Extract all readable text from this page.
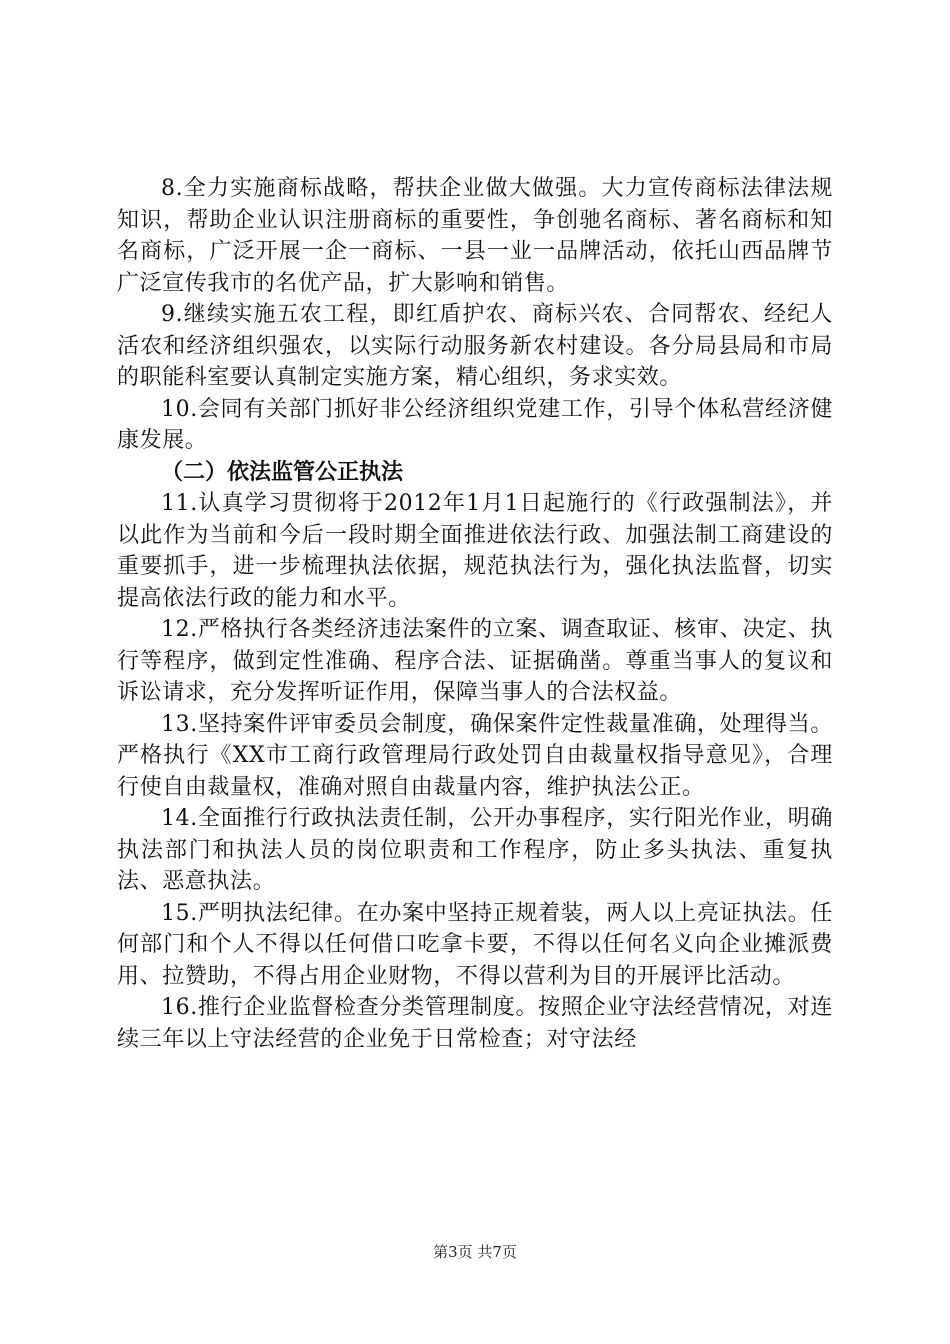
8.全力实施商标战略，帮扶企业做大做强。大力宣传商标法律法规知识，帮助企业认识注册商标的重要性，争创驰名商标、著名商标和知名商标，广泛开展一企一商标、一县一业一品牌活动，依托山西品牌节广泛宣传我市的名优产品，扩大影响和销售。

9.继续实施五农工程，即红盾护农、商标兴农、合同帮农、经纪人活农和经济组织强农，以实际行动服务新农村建设。各分局县局和市局的职能科室要认真制定实施方案，精心组织，务求实效。

10.会同有关部门抓好非公经济组织党建工作，引导个体私营经济健康发展。

（二）依法监管公正执法

11.认真学习贯彻将于2012年1月1日起施行的《行政强制法》，并以此作为当前和今后一段时期全面推进依法行政、加强法制工商建设的重要抓手，进一步梳理执法依据，规范执法行为，强化执法监督，切实提高依法行政的能力和水平。

12.严格执行各类经济违法案件的立案、调查取证、核审、决定、执行等程序，做到定性准确、程序合法、证据确凿。尊重当事人的复议和诉讼请求，充分发挥听证作用，保障当事人的合法权益。

13.坚持案件评审委员会制度，确保案件定性裁量准确，处理得当。严格执行《XX市工商行政管理局行政处罚自由裁量权指导意见》，合理行使自由裁量权，准确对照自由裁量内容，维护执法公正。

14.全面推行行政执法责任制，公开办事程序，实行阳光作业，明确执法部门和执法人员的岗位职责和工作程序，防止多头执法、重复执法、恶意执法。

15.严明执法纪律。在办案中坚持正规着装，两人以上亮证执法。任何部门和个人不得以任何借口吃拿卡要，不得以任何名义向企业摊派费用、拉赞助，不得占用企业财物，不得以营利为目的开展评比活动。

16.推行企业监督检查分类管理制度。按照企业守法经营情况，对连续三年以上守法经营的企业免于日常检查；对守法经

第3页 共7页
